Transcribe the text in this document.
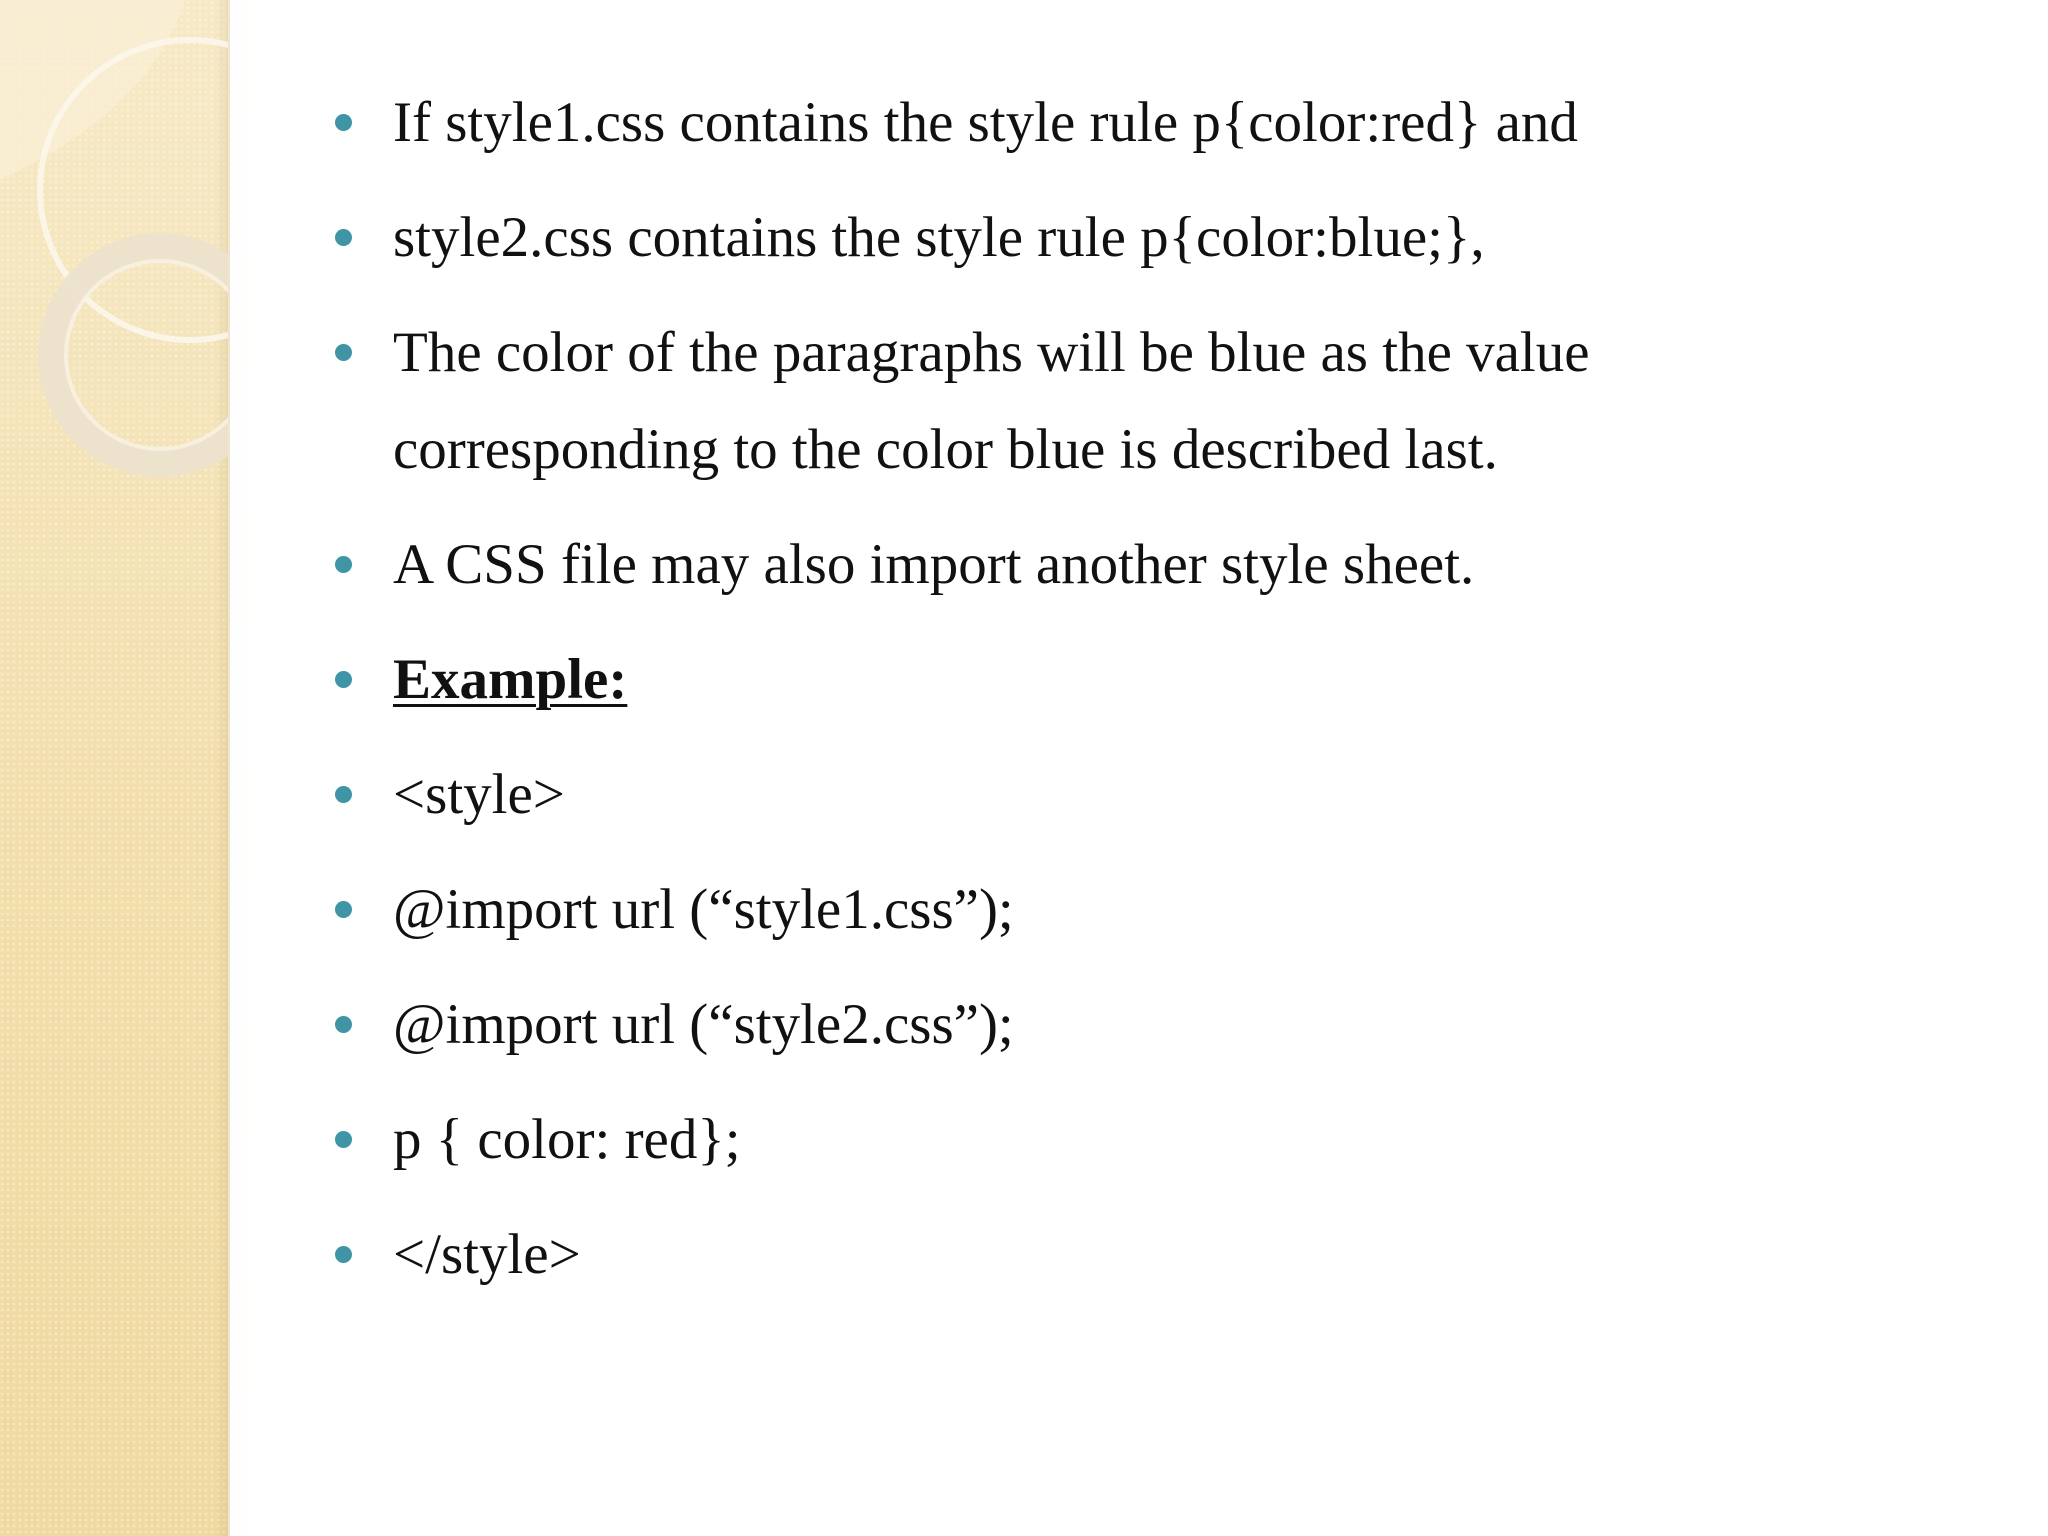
If style1.css contains the style rule p{color:red} and
style2.css contains the style rule p{color:blue;},
The color of the paragraphs will be blue as the value corresponding to the color blue is described last.
A CSS file may also import another style sheet.
Example:
<style>
@import url (“style1.css”);
@import url (“style2.css”);
p { color: red};
</style>
